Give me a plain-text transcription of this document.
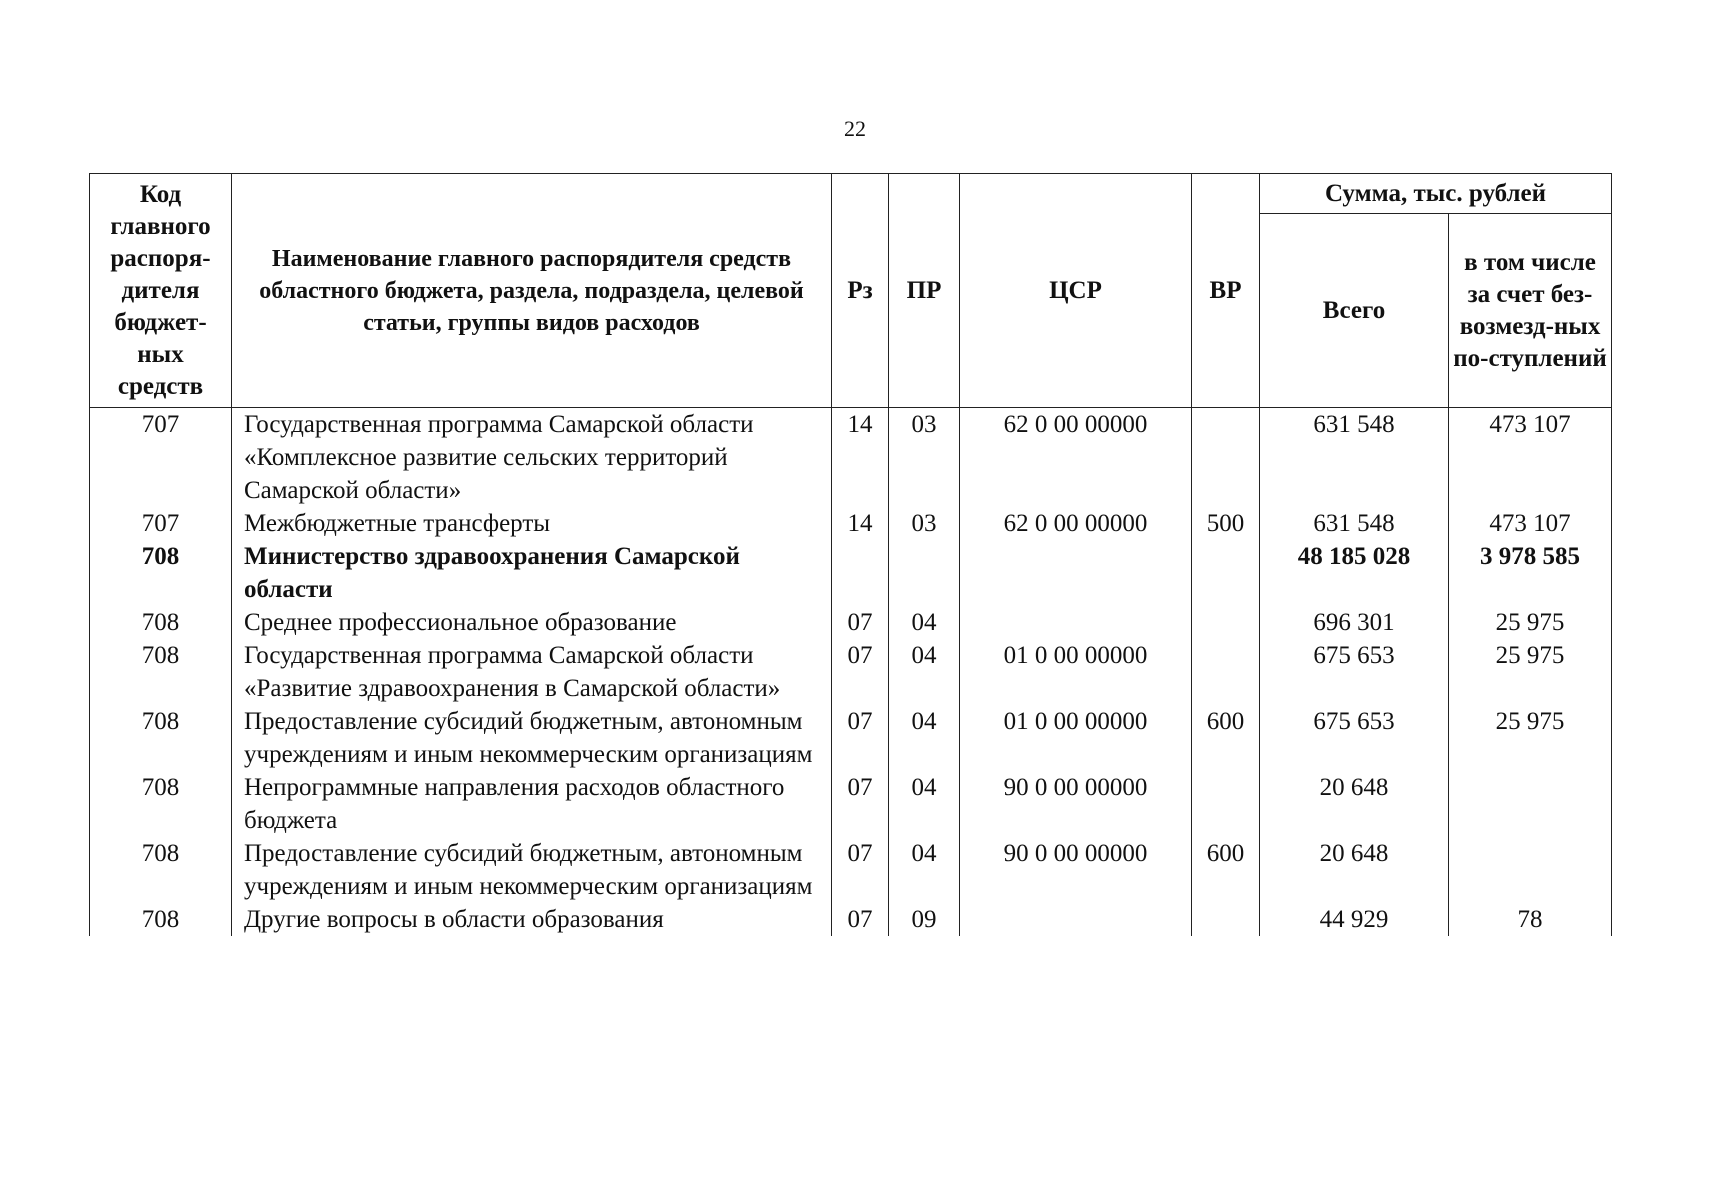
22
Код главного распоря-дителя бюджет-ных средств	Наименование главного распорядителя средств областного бюджета, раздела, подраздела, целевой статьи, группы видов расходов	Рз	ПР	ЦСР	ВР	Сумма, тыс. рублей	
						Всего	в том числе за счет без-возмезд-ных по-ступлений
707	Государственная программа Самарской области «Комплексное развитие сельских территорий Самарской области»	14	03	62 0 00 00000		631 548	473 107
707	Межбюджетные трансферты	14	03	62 0 00 00000	500	631 548	473 107
708	Министерство здравоохранения Самарской области					48 185 028	3 978 585
708	Среднее профессиональное образование	07	04			696 301	25 975
708	Государственная программа Самарской области «Развитие здравоохранения в Самарской области»	07	04	01 0 00 00000		675 653	25 975
708	Предоставление субсидий бюджетным, автономным учреждениям и иным некоммерческим организациям	07	04	01 0 00 00000	600	675 653	25 975
708	Непрограммные направления расходов областного бюджета	07	04	90 0 00 00000		20 648	
708	Предоставление субсидий бюджетным, автономным учреждениям и иным некоммерческим организациям	07	04	90 0 00 00000	600	20 648	
708	Другие вопросы в области образования	07	09			44 929	78
